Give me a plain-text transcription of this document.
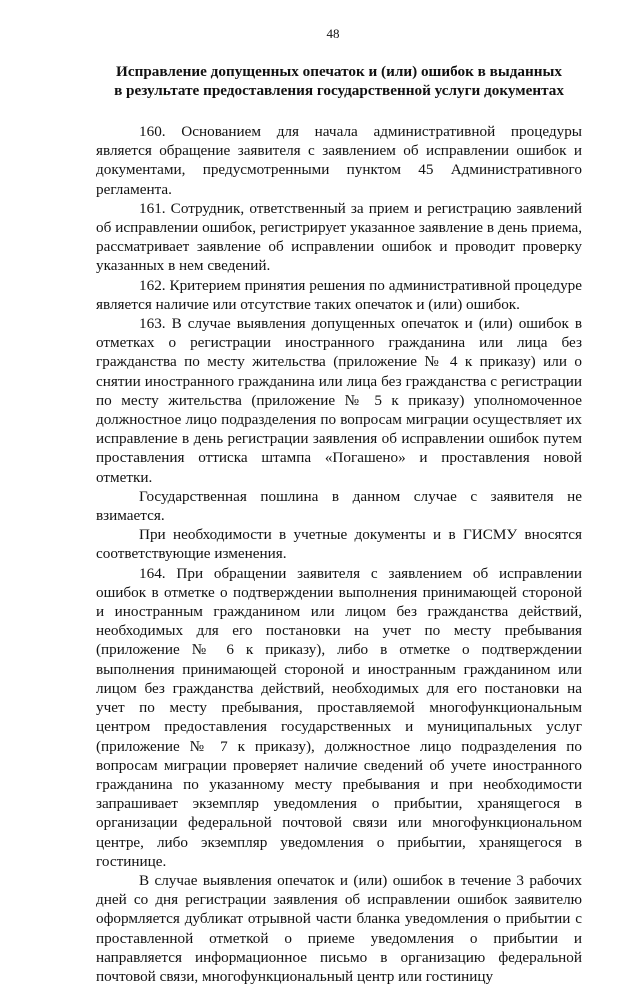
48
Исправление допущенных опечаток и (или) ошибок в выданных
в результате предоставления государственной услуги документах

160. Основанием для начала административной процедуры является обращение заявителя с заявлением об исправлении ошибок и документами, предусмотренными пунктом 45 Административного регламента.

161. Сотрудник, ответственный за прием и регистрацию заявлений об исправлении ошибок, регистрирует указанное заявление в день приема, рассматривает заявление об исправлении ошибок и проводит проверку указанных в нем сведений.

162. Критерием принятия решения по административной процедуре является наличие или отсутствие таких опечаток и (или) ошибок.

163. В случае выявления допущенных опечаток и (или) ошибок в отметках о регистрации иностранного гражданина или лица без гражданства по месту жительства (приложение № 4 к приказу) или о снятии иностранного гражданина или лица без гражданства с регистрации по месту жительства (приложение № 5 к приказу) уполномоченное должностное лицо подразделения по вопросам миграции осуществляет их исправление в день регистрации заявления об исправлении ошибок путем проставления оттиска штампа «Погашено» и проставления новой отметки.

Государственная пошлина в данном случае с заявителя не взимается.

При необходимости в учетные документы и в ГИСМУ вносятся соответствующие изменения.

164. При обращении заявителя с заявлением об исправлении ошибок в отметке о подтверждении выполнения принимающей стороной и иностранным гражданином или лицом без гражданства действий, необходимых для его постановки на учет по месту пребывания (приложение № 6 к приказу), либо в отметке о подтверждении выполнения принимающей стороной и иностранным гражданином или лицом без гражданства действий, необходимых для его постановки на учет по месту пребывания, проставляемой многофункциональным центром предоставления государственных и муниципальных услуг (приложение № 7 к приказу), должностное лицо подразделения по вопросам миграции проверяет наличие сведений об учете иностранного гражданина по указанному месту пребывания и при необходимости запрашивает экземпляр уведомления о прибытии, хранящегося в организации федеральной почтовой связи или многофункциональном центре, либо экземпляр уведомления о прибытии, хранящегося в гостинице.

В случае выявления опечаток и (или) ошибок в течение 3 рабочих дней со дня регистрации заявления об исправлении ошибок заявителю оформляется дубликат отрывной части бланка уведомления о прибытии с проставленной отметкой о приеме уведомления о прибытии и направляется информационное письмо в организацию федеральной почтовой связи, многофункциональный центр или гостиницу
